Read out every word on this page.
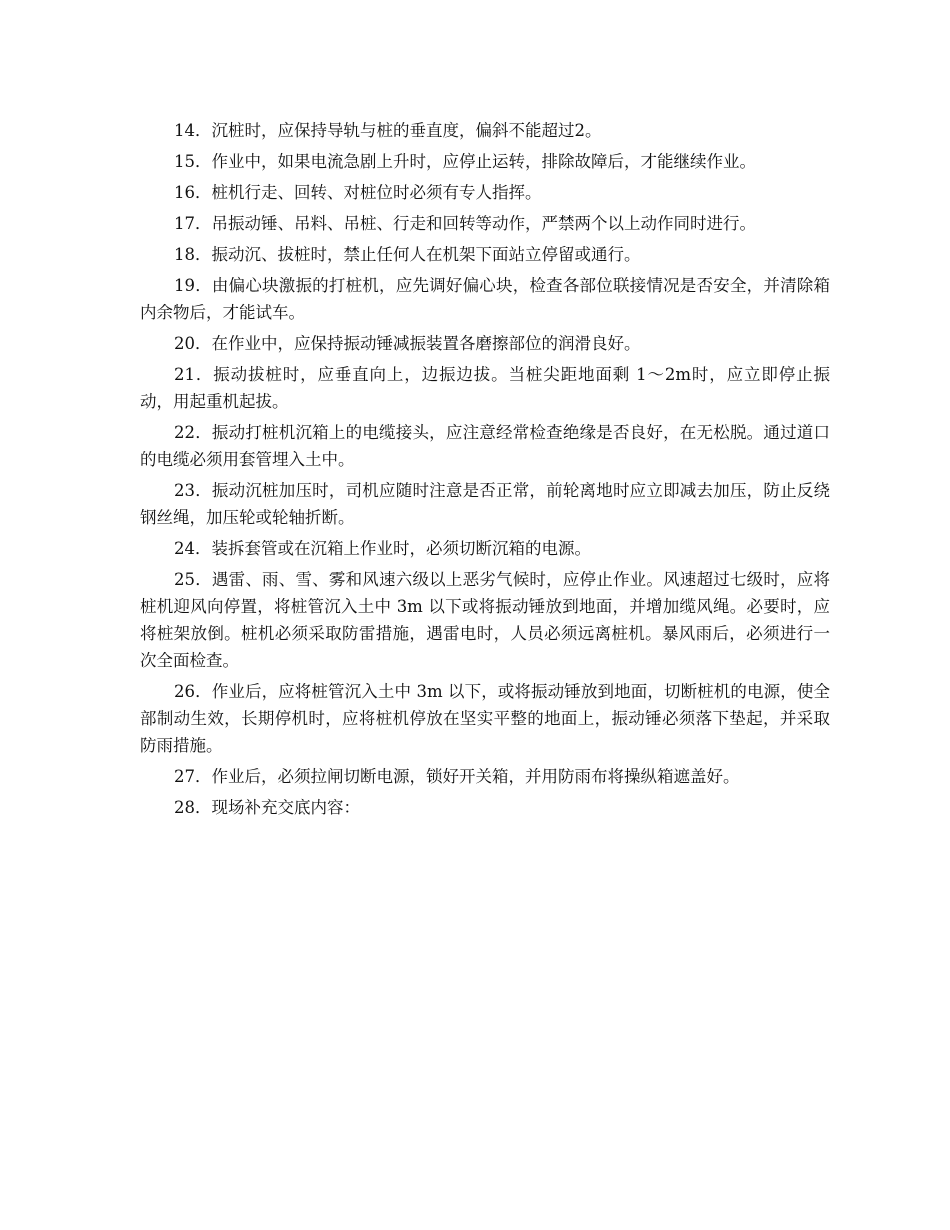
14．沉桩时，应保持导轨与桩的垂直度，偏斜不能超过2。

15．作业中，如果电流急剧上升时，应停止运转，排除故障后，才能继续作业。

16．桩机行走、回转、对桩位时必须有专人指挥。

17．吊振动锤、吊料、吊桩、行走和回转等动作，严禁两个以上动作同时进行。

18．振动沉、拔桩时，禁止任何人在机架下面站立停留或通行。

19．由偏心块激振的打桩机，应先调好偏心块，检查各部位联接情况是否安全，并清除箱内余物后，才能试车。

20．在作业中，应保持振动锤减振装置各磨擦部位的润滑良好。

21．振动拔桩时，应垂直向上，边振边拔。当桩尖距地面剩 1～2m时，应立即停止振动，用起重机起拔。

22．振动打桩机沉箱上的电缆接头，应注意经常检查绝缘是否良好，在无松脱。通过道口的电缆必须用套管埋入土中。

23．振动沉桩加压时，司机应随时注意是否正常，前轮离地时应立即减去加压，防止反绕钢丝绳，加压轮或轮轴折断。

24．装拆套管或在沉箱上作业时，必须切断沉箱的电源。

25．遇雷、雨、雪、雾和风速六级以上恶劣气候时，应停止作业。风速超过七级时，应将桩机迎风向停置，将桩管沉入土中 3m 以下或将振动锤放到地面，并增加缆风绳。必要时，应将桩架放倒。桩机必须采取防雷措施，遇雷电时，人员必须远离桩机。暴风雨后，必须进行一次全面检查。

26．作业后，应将桩管沉入土中 3m 以下，或将振动锤放到地面，切断桩机的电源，使全部制动生效，长期停机时，应将桩机停放在坚实平整的地面上，振动锤必须落下垫起，并采取防雨措施。

27．作业后，必须拉闸切断电源，锁好开关箱，并用防雨布将操纵箱遮盖好。

28．现场补充交底内容：
